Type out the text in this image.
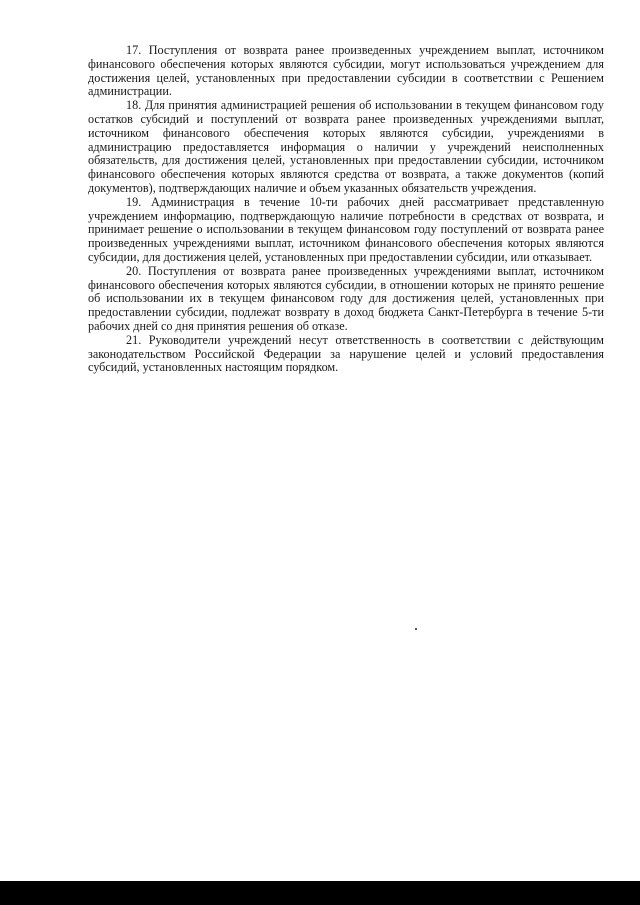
17. Поступления от возврата ранее произведенных учреждением выплат, источником финансового обеспечения которых являются субсидии, могут использоваться учреждением для достижения целей, установленных при предоставлении субсидии в соответствии с Решением администрации.

18. Для принятия администрацией решения об использовании в текущем финансовом году остатков субсидий и поступлений от возврата ранее произведенных учреждениями выплат, источником финансового обеспечения которых являются субсидии, учреждениями в администрацию предоставляется информация о наличии у учреждений неисполненных обязательств, для достижения целей, установленных при предоставлении субсидии, источником финансового обеспечения которых являются средства от возврата, а также документов (копий документов), подтверждающих наличие и объем указанных обязательств учреждения.

19. Администрация в течение 10-ти рабочих дней рассматривает представленную учреждением информацию, подтверждающую наличие потребности в средствах от возврата, и принимает решение о использовании в текущем финансовом году поступлений от возврата ранее произведенных учреждениями выплат, источником финансового обеспечения которых являются субсидии, для достижения целей, установленных при предоставлении субсидии, или отказывает.

20. Поступления от возврата ранее произведенных учреждениями выплат, источником финансового обеспечения которых являются субсидии, в отношении которых не принято решение об использовании их в текущем финансовом году для достижения целей, установленных при предоставлении субсидии, подлежат возврату в доход бюджета Санкт-Петербурга в течение 5-ти рабочих дней со дня принятия решения об отказе.

21. Руководители учреждений несут ответственность в соответствии с действующим законодательством Российской Федерации за нарушение целей и условий предоставления субсидий, установленных настоящим порядком.
